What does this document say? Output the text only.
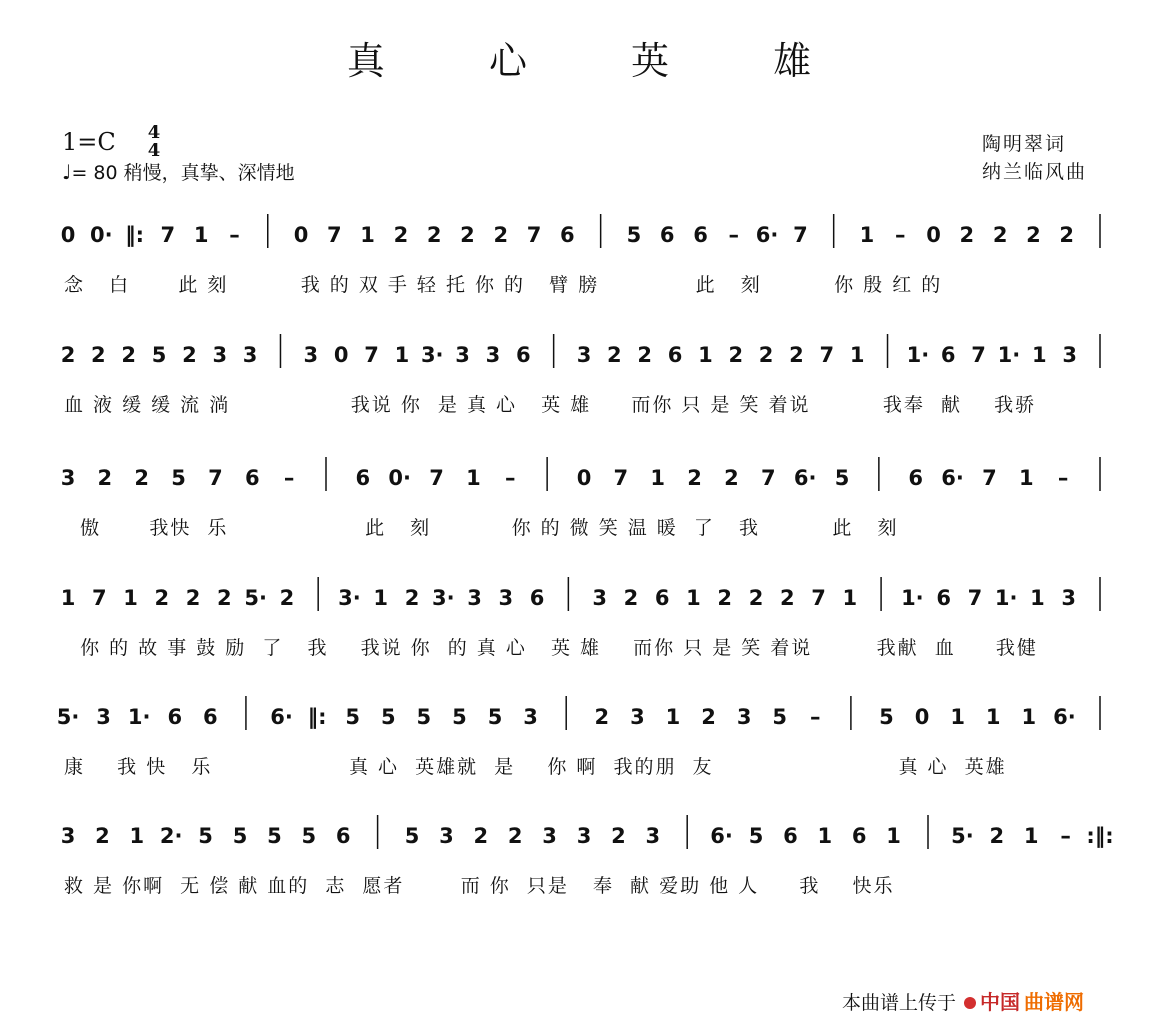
真 心 英 雄
1=C	4
4
♩= 80 稍慢，真挚、深情地
陶明翠词
纳兰临风曲
0 0· ‖: 7 1 –	0 7 1 2 2 2 2 7 6 5 6 6 – 6· 7 1 – 0 2 2 2 2
念   白      此 刻         我 的 双 手 轻 托 你 的   臂 膀            此   刻         你 殷 红 的
2 2 2 5 2 3 3 3 0 7 1 3· 3 3 6 3 2 2 6 1 2 2 2 7 1 1· 6 7 1· 1 3
血 液 缓 缓 流 淌               我说 你  是 真 心   英 雄     而你 只 是 笑 着说         我奉  献    我骄
3 2 2 5 7 6 –	6 0· 7 1 –	0 7 1 2 2 7 6· 5	6 6· 7 1 –
傲      我快  乐                 此   刻          你 的 微 笑 温 暖  了   我         此   刻
1 7 1 2 2 2 5· 2 3· 1 2 3· 3 3 6 3 2 6 1 2 2 2 7 1 1· 6 7 1· 1 3
你 的 故 事 鼓 励  了   我    我说 你  的 真 心   英 雄    而你 只 是 笑 着说        我献  血     我健
5· 3 1· 6 6	6· ‖: 5 5 5 5 5 3	2 3 1 2 3 5 –	5 0 1 1 1 6·
康    我 快   乐                 真 心  英雄就  是    你 啊  我的朋  友                       真 心  英雄
3 2 1 2· 5 5 5 5 6	5 3 2 2 3 3 2 3 6· 5 6 1 6 1 5· 2 1 – :‖:
救 是 你啊  无 偿 献 血的  志  愿者       而 你  只是   奉  献 爱助 他 人     我    快乐
本曲谱上传于 中国 曲谱网
